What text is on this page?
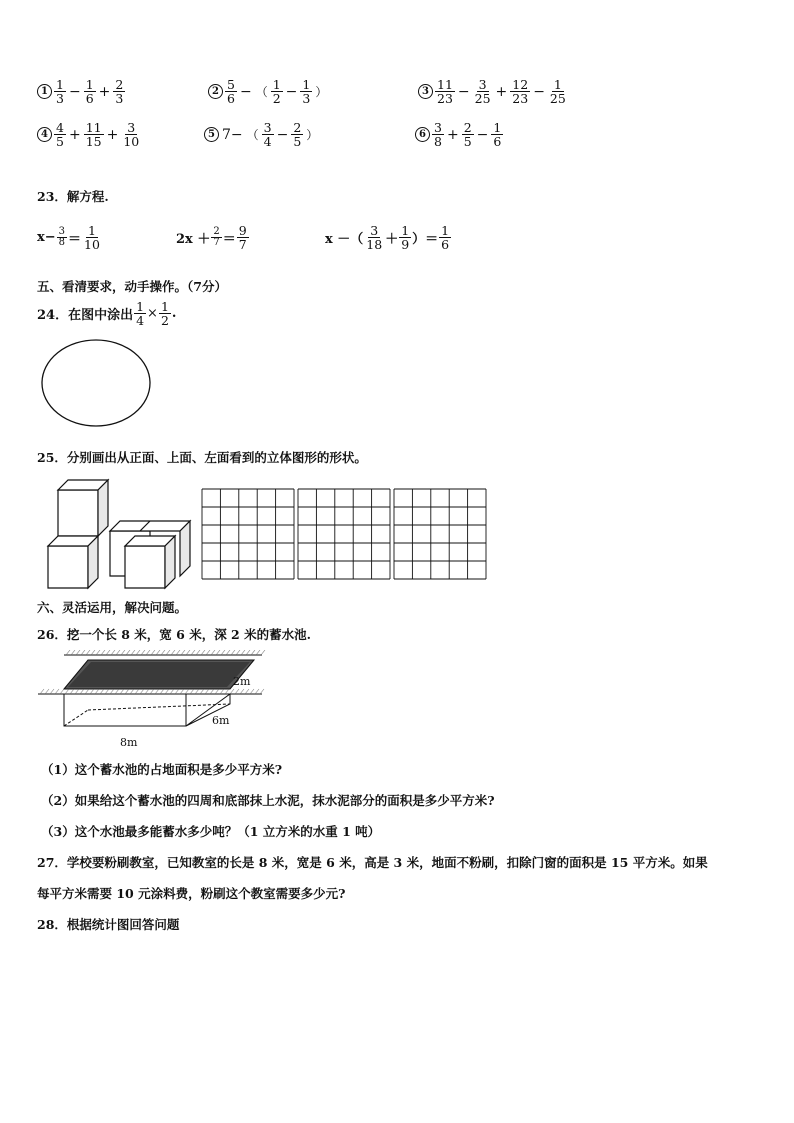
$1 \frac{1}{3} - \frac{1}{6} + \frac{2}{3}$	$2 \frac{5}{6}$ − （ $\frac{1}{2} - \frac{1}{3}$ ）	$3 \frac{11}{23} - \frac{3}{25} + \frac{12}{23} - \frac{1}{25}$
$4 \frac{4}{5} + \frac{11}{15} + \frac{3}{10}$	5 7− （ $\frac{3}{4} - \frac{2}{5}$ ）	$6 \frac{3}{8} + \frac{2}{5} - \frac{1}{6}$
23．解方程.
$x- \frac{3}{8} = \frac{1}{10}$	$2x + \frac{2}{7} = \frac{9}{7}$	x －（ $\frac{3}{18} + \frac{1}{9}$ ）＝ $\frac{1}{6}$
五、看清要求，动手操作。（7分）
24．在图中涂出 $\frac{1}{4} \times \frac{1}{2}$ .
25．分别画出从正面、上面、左面看到的立体图形的形状。
六、灵活运用，解决问题。
26．挖一个长 8 米，宽 6 米，深 2 米的蓄水池.
2m
6m
8m
（1）这个蓄水池的占地面积是多少平方米?
（2）如果给这个蓄水池的四周和底部抹上水泥，抹水泥部分的面积是多少平方米?
（3）这个水池最多能蓄水多少吨？（1 立方米的水重 1 吨）
27．学校要粉刷教室，已知教室的长是 8 米，宽是 6 米，高是 3 米，地面不粉刷，扣除门窗的面积是 15 平方米。如果
每平方米需要 10 元涂料费，粉刷这个教室需要多少元?
28．根据统计图回答问题
